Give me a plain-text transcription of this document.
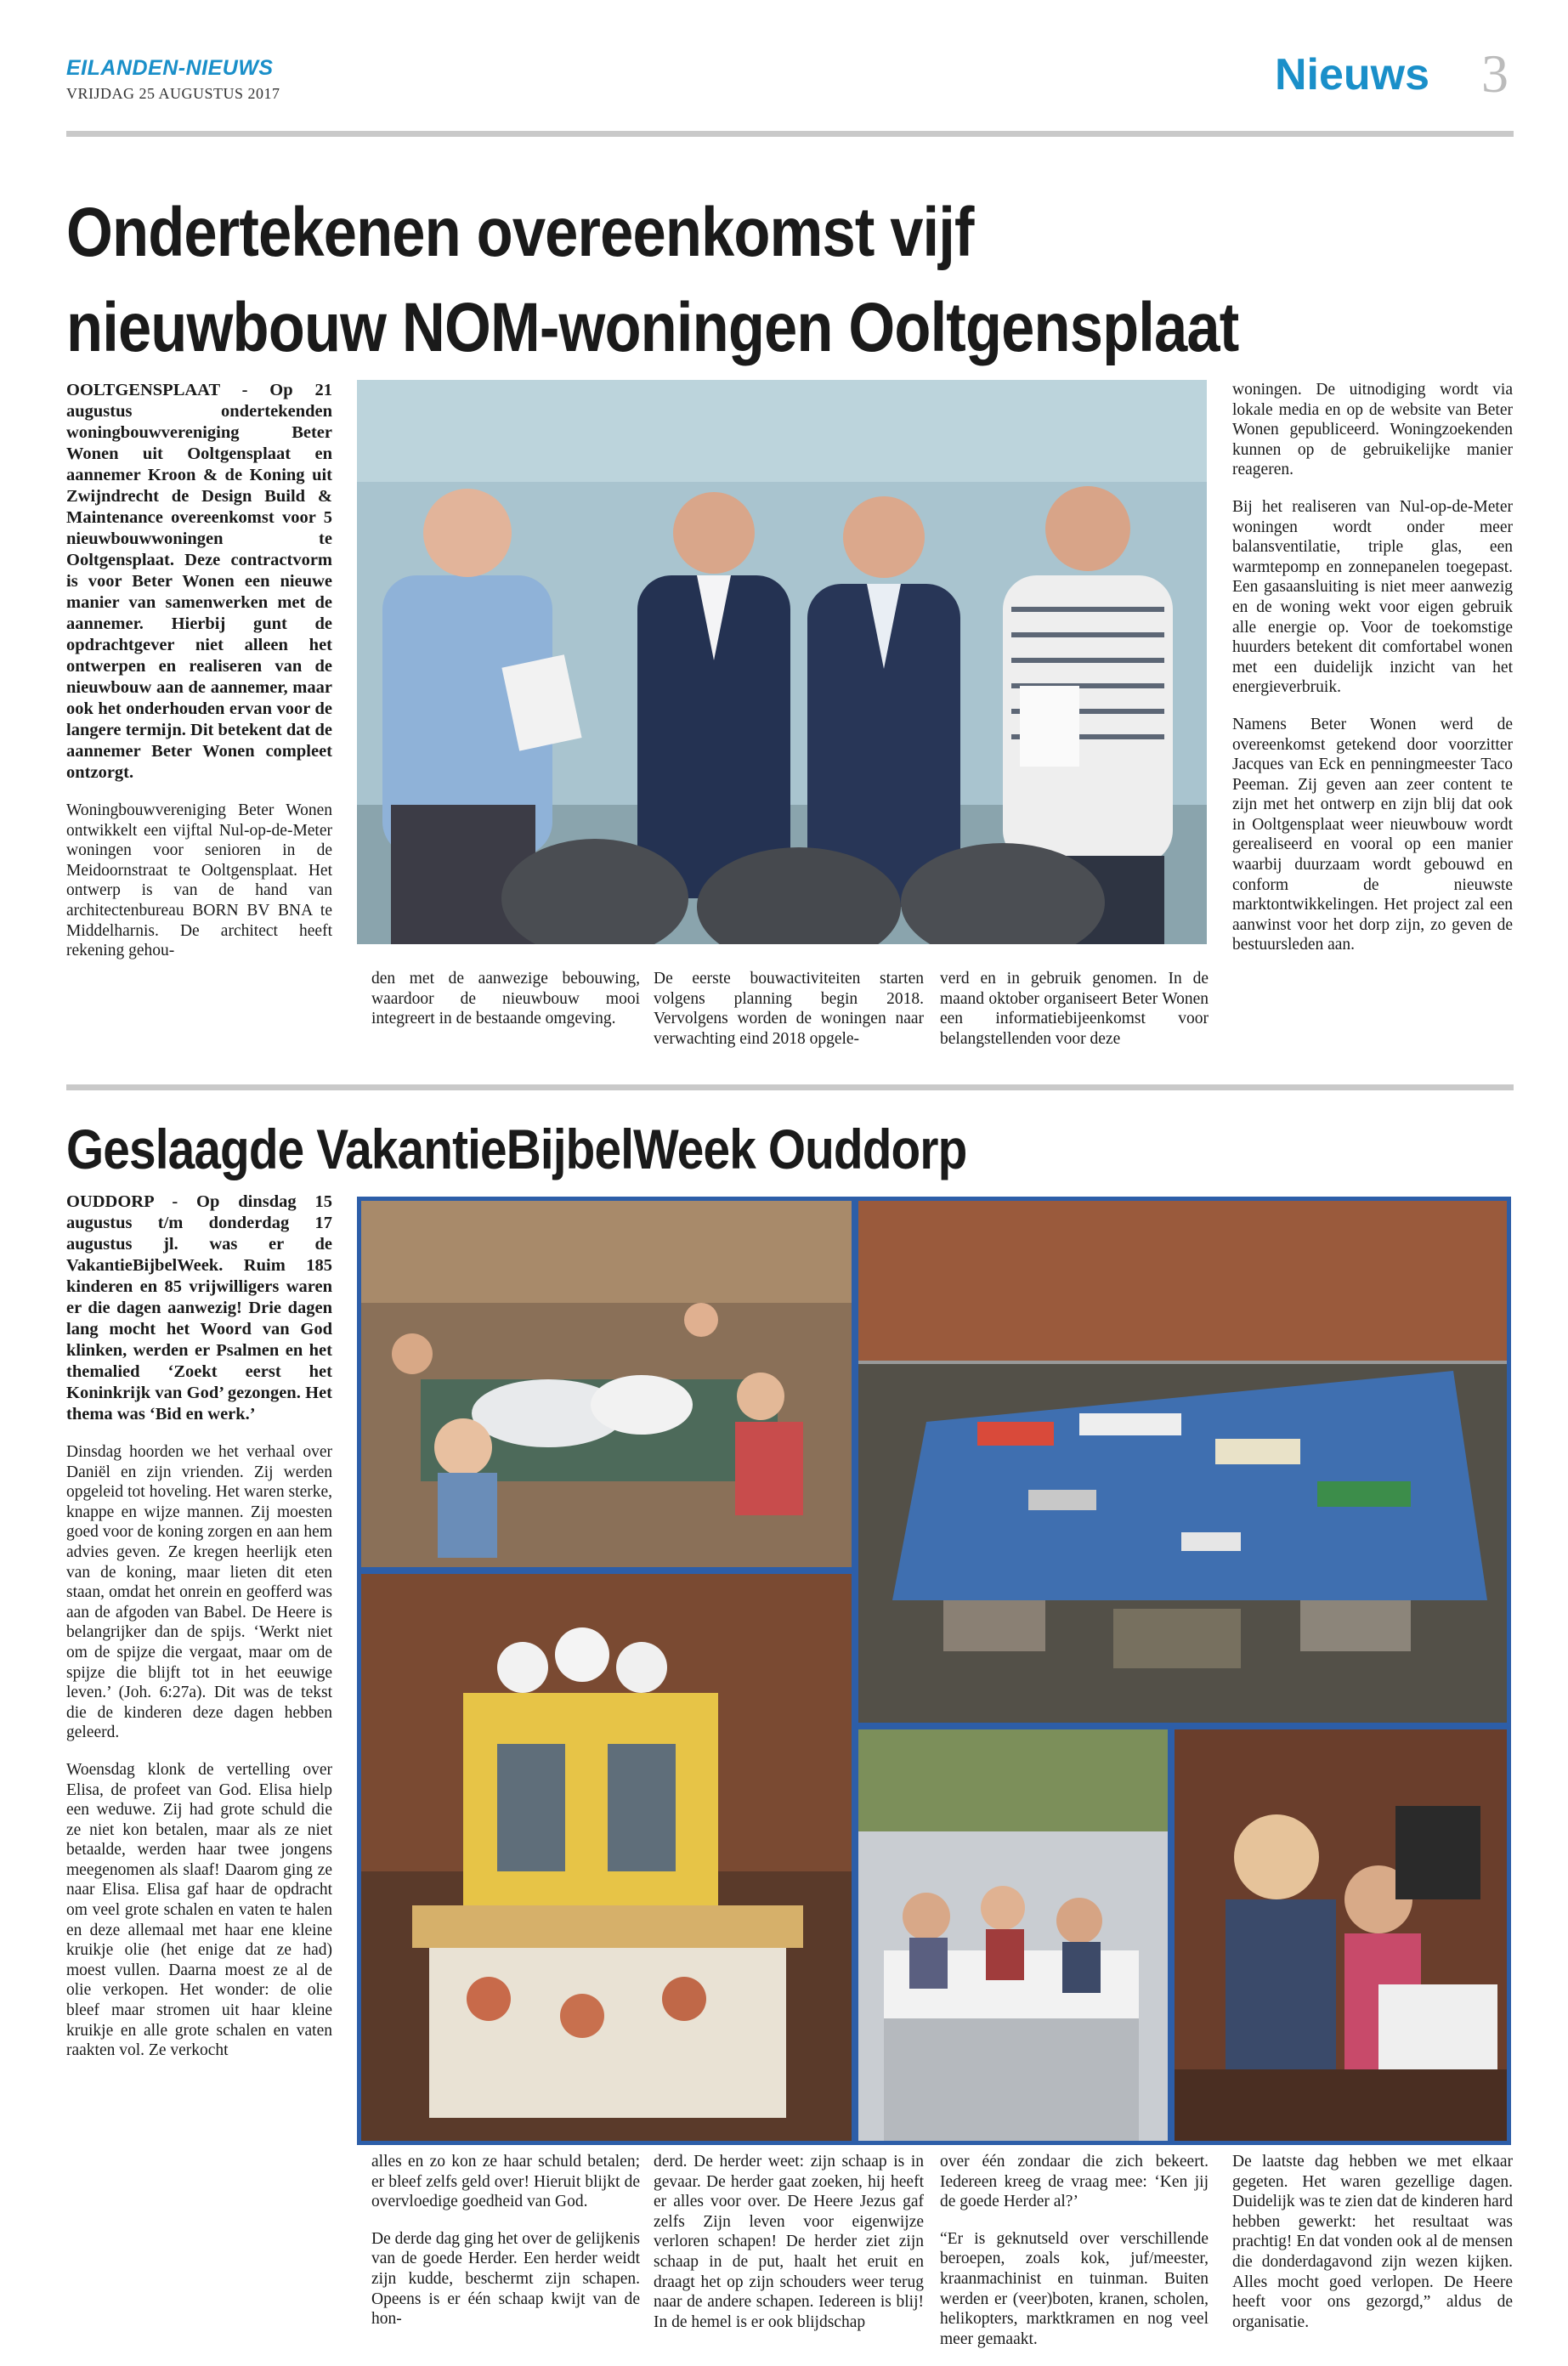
EILANDEN-NIEUWS
VRIJDAG 25 AUGUSTUS 2017	Nieuws 3
Ondertekenen overeenkomst vijf
nieuwbouw NOM-woningen Ooltgensplaat

OOLTGENSPLAAT - Op 21 augustus ondertekenden woningbouwvereniging Beter Wonen uit Ooltgensplaat en aannemer Kroon & de Koning uit Zwijndrecht de Design Build & Maintenance overeenkomst voor 5 nieuwbouwwoningen te Ooltgensplaat. Deze contractvorm is voor Beter Wonen een nieuwe manier van samenwerken met de aannemer. Hierbij gunt de opdrachtgever niet alleen het ontwerpen en realiseren van de nieuwbouw aan de aannemer, maar ook het onderhouden ervan voor de langere termijn. Dit betekent dat de aannemer Beter Wonen compleet ontzorgt.

Woningbouwvereniging Beter Wonen ontwikkelt een vijftal Nul-op-de-Meter woningen voor senioren in de Meidoornstraat te Ooltgensplaat. Het ontwerp is van de hand van architectenbureau BORN BV BNA te Middelharnis. De architect heeft rekening gehou-

den met de aanwezige bebouwing, waardoor de nieuwbouw mooi integreert in de bestaande omgeving.

De eerste bouwactiviteiten starten volgens planning begin 2018. Vervolgens worden de woningen naar verwachting eind 2018 opgele-

verd en in gebruik genomen. In de maand oktober organiseert Beter Wonen een informatiebijeenkomst voor belangstellenden voor deze

woningen. De uitnodiging wordt via lokale media en op de website van Beter Wonen gepubliceerd. Woningzoekenden kunnen op de gebruikelijke manier reageren.

Bij het realiseren van Nul-op-de-Meter woningen wordt onder meer balansventilatie, triple glas, een warmtepomp en zonnepanelen toegepast. Een gasaansluiting is niet meer aanwezig en de woning wekt voor eigen gebruik alle energie op. Voor de toekomstige huurders betekent dit comfortabel wonen met een duidelijk inzicht van het energieverbruik.

Namens Beter Wonen werd de overeenkomst getekend door voorzitter Jacques van Eck en penningmeester Taco Peeman. Zij geven aan zeer content te zijn met het ontwerp en zijn blij dat ook in Ooltgensplaat weer nieuwbouw wordt gerealiseerd en vooral op een manier waarbij duurzaam wordt gebouwd en conform de nieuwste marktontwikkelingen. Het project zal een aanwinst voor het dorp zijn, zo geven de bestuursleden aan.

Geslaagde VakantieBijbelWeek Ouddorp

OUDDORP - Op dinsdag 15 augustus t/m donderdag 17 augustus jl. was er de VakantieBijbelWeek. Ruim 185 kinderen en 85 vrijwilligers waren er die dagen aanwezig! Drie dagen lang mocht het Woord van God klinken, werden er Psalmen en het themalied ‘Zoekt eerst het Koninkrijk van God’ gezongen. Het thema was ‘Bid en werk.’

Dinsdag hoorden we het verhaal over Daniël en zijn vrienden. Zij werden opgeleid tot hoveling. Het waren sterke, knappe en wijze mannen. Zij moesten goed voor de koning zorgen en aan hem advies geven. Ze kregen heerlijk eten van de koning, maar lieten dit eten staan, omdat het onrein en geofferd was aan de afgoden van Babel. De Heere is belangrijker dan de spijs. ‘Werkt niet om de spijze die vergaat, maar om de spijze die blijft tot in het eeuwige leven.’ (Joh. 6:27a). Dit was de tekst die de kinderen deze dagen hebben geleerd.

Woensdag klonk de vertelling over Elisa, de profeet van God. Elisa hielp een weduwe. Zij had grote schuld die ze niet kon betalen, maar als ze niet betaalde, werden haar twee jongens meegenomen als slaaf! Daarom ging ze naar Elisa. Elisa gaf haar de opdracht om veel grote schalen en vaten te halen en deze allemaal met haar ene kleine kruikje olie (het enige dat ze had) moest vullen. Daarna moest ze al de olie verkopen. Het wonder: de olie bleef maar stromen uit haar kleine kruikje en alle grote schalen en vaten raakten vol. Ze verkocht

alles en zo kon ze haar schuld betalen; er bleef zelfs geld over! Hieruit blijkt de overvloedige goedheid van God.

De derde dag ging het over de gelijkenis van de goede Herder. Een herder weidt zijn kudde, beschermt zijn schapen. Opeens is er één schaap kwijt van de hon-

derd. De herder weet: zijn schaap is in gevaar. De herder gaat zoeken, hij heeft er alles voor over. De Heere Jezus gaf zelfs Zijn leven voor eigenwijze verloren schapen! De herder ziet zijn schaap in de put, haalt het eruit en draagt het op zijn schouders weer terug naar de andere schapen. Iedereen is blij! In de hemel is er ook blijdschap

over één zondaar die zich bekeert. Iedereen kreeg de vraag mee: ‘Ken jij de goede Herder al?’

“Er is geknutseld over verschillende beroepen, zoals kok, juf/meester, kraanmachinist en tuinman. Buiten werden er (veer)boten, kranen, scholen, helikopters, marktkramen en nog veel meer gemaakt.

De laatste dag hebben we met elkaar gegeten. Het waren gezellige dagen. Duidelijk was te zien dat de kinderen hard hebben gewerkt: het resultaat was prachtig! En dat vonden ook al de mensen die donderdagavond zijn wezen kijken. Alles mocht goed verlopen. De Heere heeft voor ons gezorgd,” aldus de organisatie.
